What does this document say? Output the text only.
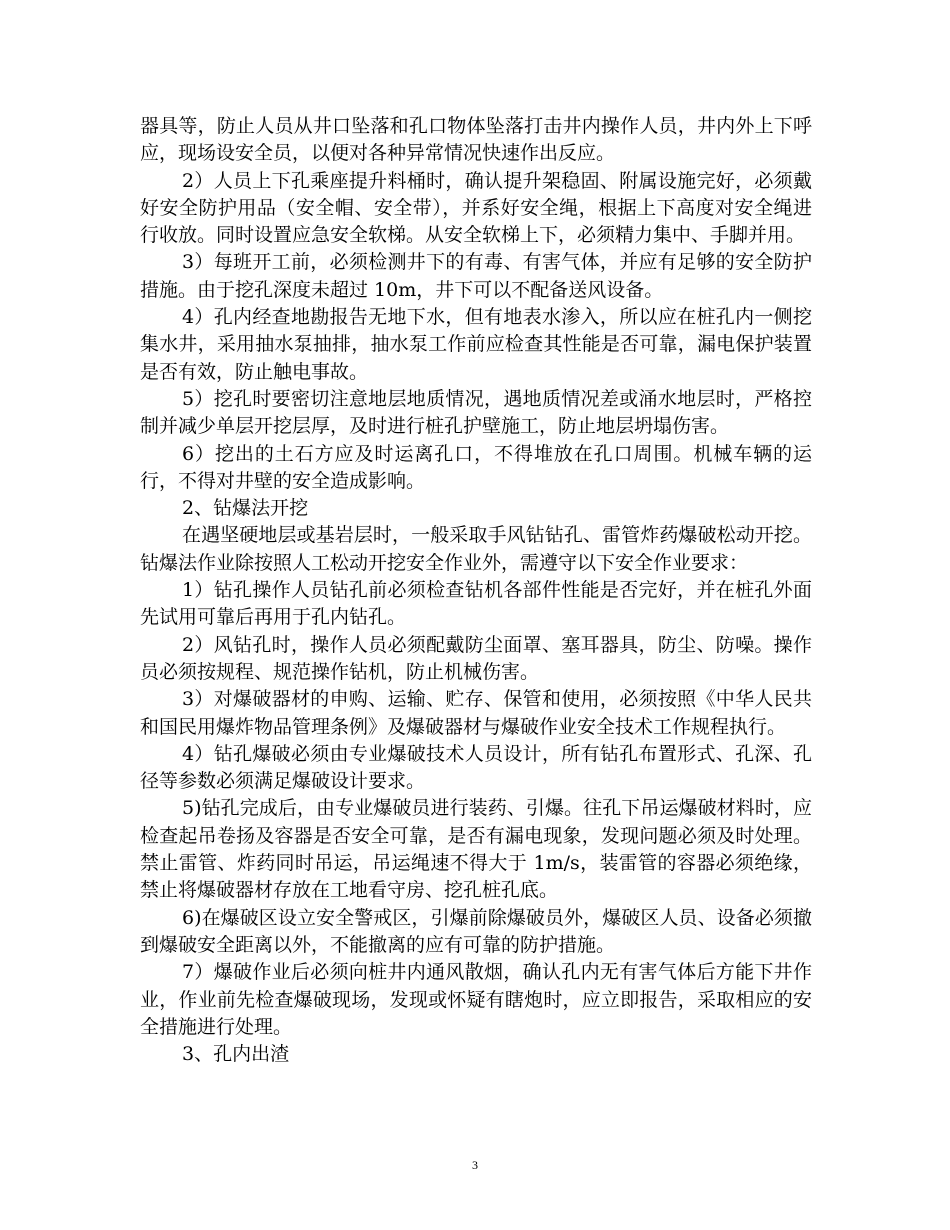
器具等，防止人员从井口坠落和孔口物体坠落打击井内操作人员，井内外上下呼应，现场设安全员，以便对各种异常情况快速作出反应。

2）人员上下孔乘座提升料桶时，确认提升架稳固、附属设施完好，必须戴好安全防护用品（安全帽、安全带），并系好安全绳，根据上下高度对安全绳进行收放。同时设置应急安全软梯。从安全软梯上下，必须精力集中、手脚并用。

3）每班开工前，必须检测井下的有毒、有害气体，并应有足够的安全防护措施。由于挖孔深度未超过 10m，井下可以不配备送风设备。

4）孔内经查地勘报告无地下水，但有地表水渗入，所以应在桩孔内一侧挖集水井，采用抽水泵抽排，抽水泵工作前应检查其性能是否可靠，漏电保护装置是否有效，防止触电事故。

5）挖孔时要密切注意地层地质情况，遇地质情况差或涌水地层时，严格控制并减少单层开挖层厚，及时进行桩孔护壁施工，防止地层坍塌伤害。

6）挖出的土石方应及时运离孔口，不得堆放在孔口周围。机械车辆的运行，不得对井壁的安全造成影响。

2、钻爆法开挖

在遇坚硬地层或基岩层时，一般采取手风钻钻孔、雷管炸药爆破松动开挖。钻爆法作业除按照人工松动开挖安全作业外，需遵守以下安全作业要求：

1）钻孔操作人员钻孔前必须检查钻机各部件性能是否完好，并在桩孔外面先试用可靠后再用于孔内钻孔。

2）风钻孔时，操作人员必须配戴防尘面罩、塞耳器具，防尘、防噪。操作员必须按规程、规范操作钻机，防止机械伤害。

3）对爆破器材的申购、运输、贮存、保管和使用，必须按照《中华人民共和国民用爆炸物品管理条例》及爆破器材与爆破作业安全技术工作规程执行。

4）钻孔爆破必须由专业爆破技术人员设计，所有钻孔布置形式、孔深、孔径等参数必须满足爆破设计要求。

5)钻孔完成后，由专业爆破员进行装药、引爆。往孔下吊运爆破材料时，应检查起吊卷扬及容器是否安全可靠，是否有漏电现象，发现问题必须及时处理。禁止雷管、炸药同时吊运，吊运绳速不得大于 1m/s，装雷管的容器必须绝缘，禁止将爆破器材存放在工地看守房、挖孔桩孔底。

6)在爆破区设立安全警戒区，引爆前除爆破员外，爆破区人员、设备必须撤到爆破安全距离以外，不能撤离的应有可靠的防护措施。

7）爆破作业后必须向桩井内通风散烟，确认孔内无有害气体后方能下井作业，作业前先检查爆破现场，发现或怀疑有瞎炮时，应立即报告，采取相应的安全措施进行处理。

3、孔内出渣

3
